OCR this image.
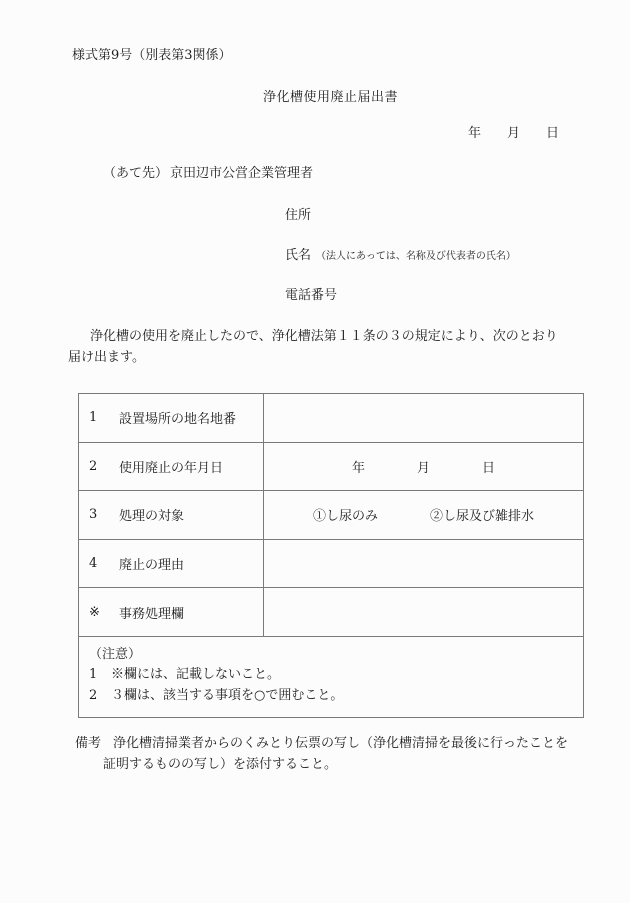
様式第9号（別表第3関係）
浄化槽使用廃止届出書
年　　月　　日
（あて先） 京田辺市公営企業管理者
住所
氏名 （法人にあっては、名称及び代表者の氏名）
電話番号
浄化槽の使用を廃止したので、浄化槽法第１１条の３の規定により、次のとおり
届け出ます。
1	設置場所の地名地番
2	使用廃止の年月日	年　　　　月　　　　日
3	処理の対象	①し尿のみ　　　　②し尿及び雑排水
4	廃止の理由
※	事務処理欄
（注意）
1 ※欄には、記載しないこと。
2 ３欄は、該当する事項を○で囲むこと。
備考 浄化槽清掃業者からのくみとり伝票の写し（浄化槽清掃を最後に行ったことを
証明するものの写し）を添付すること。
